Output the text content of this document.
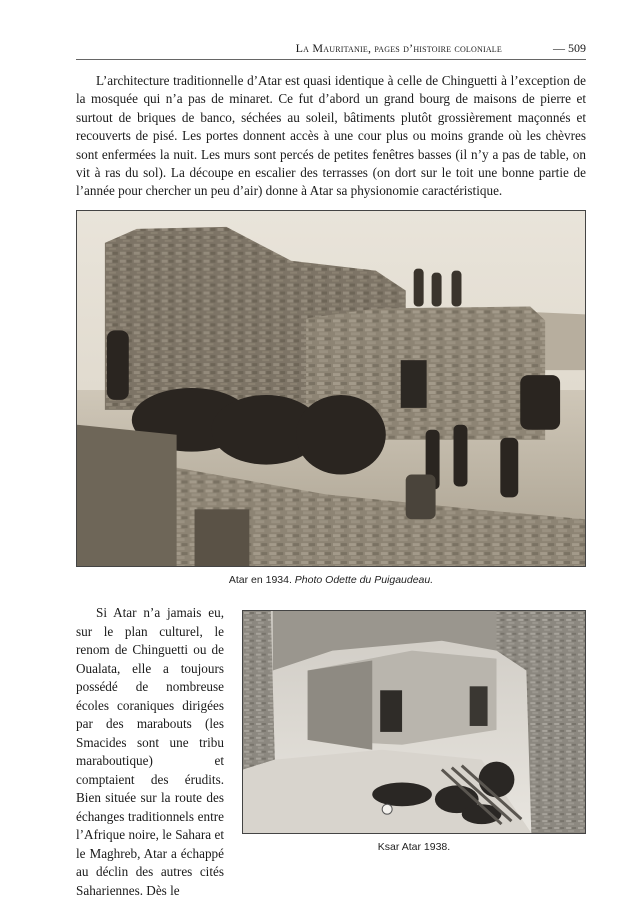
La Mauritanie, pages d’histoire coloniale	— 509

L’architecture traditionnelle d’Atar est quasi identique à celle de Chinguetti à l’exception de la mosquée qui n’a pas de minaret. Ce fut d’abord un grand bourg de maisons de pierre et surtout de briques de banco, séchées au soleil, bâtiments plutôt grossièrement maçonnés et recouverts de pisé. Les portes donnent accès à une cour plus ou moins grande où les chèvres sont enfermées la nuit. Les murs sont percés de petites fenêtres basses (il n’y a pas de table, on vit à ras du sol). La découpe en escalier des terrasses (on dort sur le toit une bonne partie de l’année pour chercher un peu d’air) donne à Atar sa physionomie caractéristique.

Atar en 1934. Photo Odette du Puigaudeau.

Si Atar n’a jamais eu, sur le plan culturel, le renom de Chinguetti ou de Oualata, elle a toujours possédé de nombreuse écoles coraniques dirigées par des marabouts (les Smacides sont une tribu maraboutique) et comptaient des érudits. Bien située sur la route des échanges traditionnels entre l’Afrique noire, le Sahara et le Maghreb, Atar a échappé au déclin des autres cités Sahariennes. Dès le

Ksar Atar 1938.
